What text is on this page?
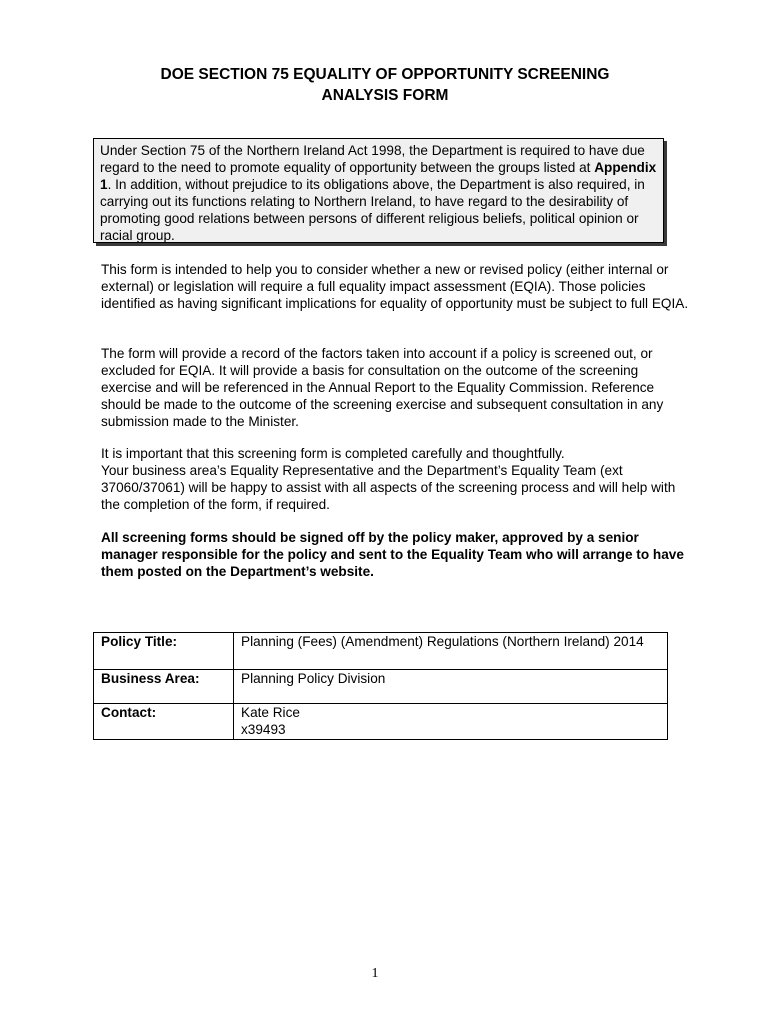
DOE SECTION 75 EQUALITY OF OPPORTUNITY SCREENING
ANALYSIS FORM
Under Section 75 of the Northern Ireland Act 1998, the Department is required to have due regard to the need to promote equality of opportunity between the groups listed at Appendix 1. In addition, without prejudice to its obligations above, the Department is also required, in carrying out its functions relating to Northern Ireland, to have regard to the desirability of promoting good relations between persons of different religious beliefs, political opinion or racial group.
This form is intended to help you to consider whether a new or revised policy (either internal or external) or legislation will require a full equality impact assessment (EQIA). Those policies identified as having significant implications for equality of opportunity must be subject to full EQIA.
The form will provide a record of the factors taken into account if a policy is screened out, or excluded for EQIA. It will provide a basis for consultation on the outcome of the screening exercise and will be referenced in the Annual Report to the Equality Commission. Reference should be made to the outcome of the screening exercise and subsequent consultation in any submission made to the Minister.
It is important that this screening form is completed carefully and thoughtfully.
Your business area’s Equality Representative and the Department’s Equality Team (ext 37060/37061) will be happy to assist with all aspects of the screening process and will help with the completion of the form, if required.
All screening forms should be signed off by the policy maker, approved by a senior manager responsible for the policy and sent to the Equality Team who will arrange to have them posted on the Department’s website.
Policy Title:	Planning (Fees) (Amendment) Regulations (Northern Ireland) 2014
Business Area:	Planning Policy Division
Contact:	Kate Rice
x39493
1
